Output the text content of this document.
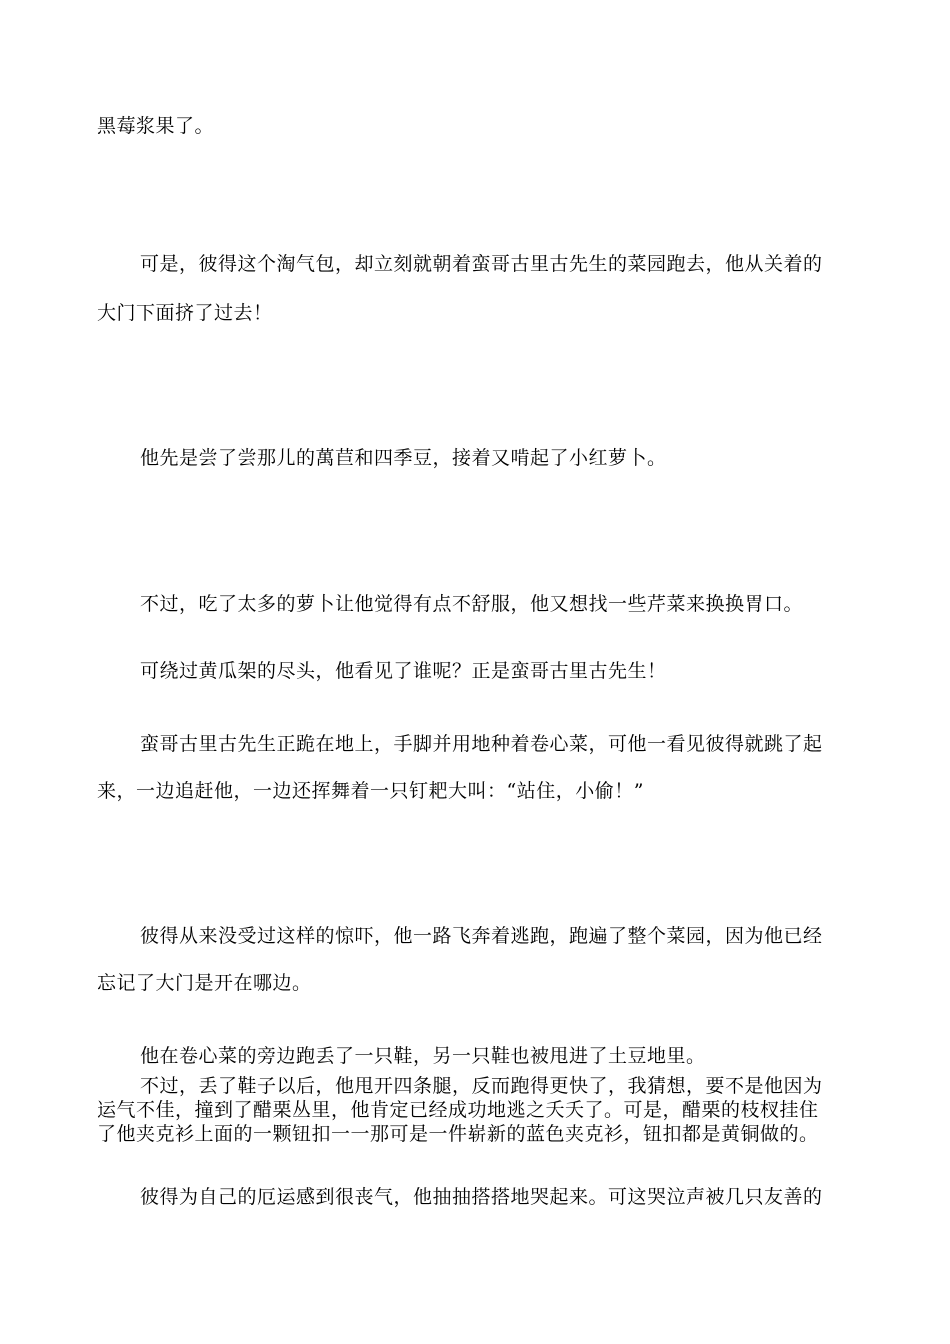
黑莓浆果了。
可是，彼得这个淘气包，却立刻就朝着蛮哥古里古先生的菜园跑去，他从关着的
大门下面挤了过去！
他先是尝了尝那儿的萬苣和四季豆，接着又啃起了小红萝卜。
不过，吃了太多的萝卜让他觉得有点不舒服，他又想找一些芹菜来换换胃口。
可绕过黄瓜架的尽头，他看见了谁呢？正是蛮哥古里古先生！
蛮哥古里古先生正跪在地上，手脚并用地种着卷心菜，可他一看见彼得就跳了起
来，一边追赶他，一边还挥舞着一只钉耙大叫：“站住，小偷！”
彼得从来没受过这样的惊吓，他一路飞奔着逃跑，跑遍了整个菜园，因为他已经
忘记了大门是开在哪边。
他在卷心菜的旁边跑丢了一只鞋，另一只鞋也被甩进了土豆地里。
不过，丢了鞋子以后，他甩开四条腿，反而跑得更快了，我猜想，要不是他因为
运气不佳，撞到了醋栗丛里，他肯定已经成功地逃之夭夭了。可是，醋栗的枝杈挂住
了他夹克衫上面的一颗钮扣一一那可是一件崭新的蓝色夹克衫，钮扣都是黄铜做的。
彼得为自己的厄运感到很丧气，他抽抽搭搭地哭起来。可这哭泣声被几只友善的
